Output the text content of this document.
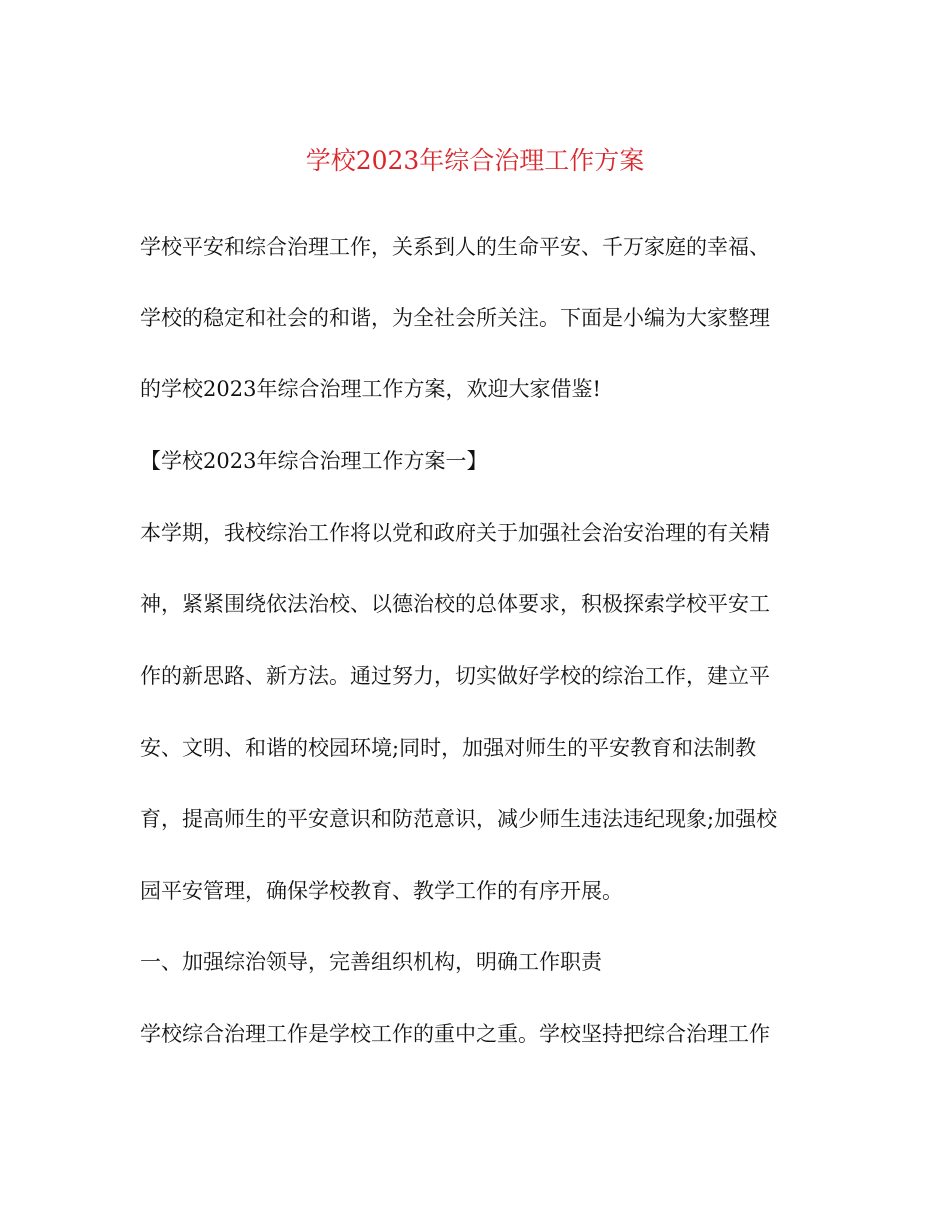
学校2023年综合治理工作方案
学校平安和综合治理工作，关系到人的生命平安、千万家庭的幸福、
学校的稳定和社会的和谐，为全社会所关注。下面是小编为大家整理
的学校2023年综合治理工作方案，欢迎大家借鉴!
【学校2023年综合治理工作方案一】
本学期，我校综治工作将以党和政府关于加强社会治安治理的有关精
神，紧紧围绕依法治校、以德治校的总体要求，积极探索学校平安工
作的新思路、新方法。通过努力，切实做好学校的综治工作，建立平
安、文明、和谐的校园环境;同时，加强对师生的平安教育和法制教
育，提高师生的平安意识和防范意识，减少师生违法违纪现象;加强校
园平安管理，确保学校教育、教学工作的有序开展。
一、加强综治领导，完善组织机构，明确工作职责
学校综合治理工作是学校工作的重中之重。学校坚持把综合治理工作
